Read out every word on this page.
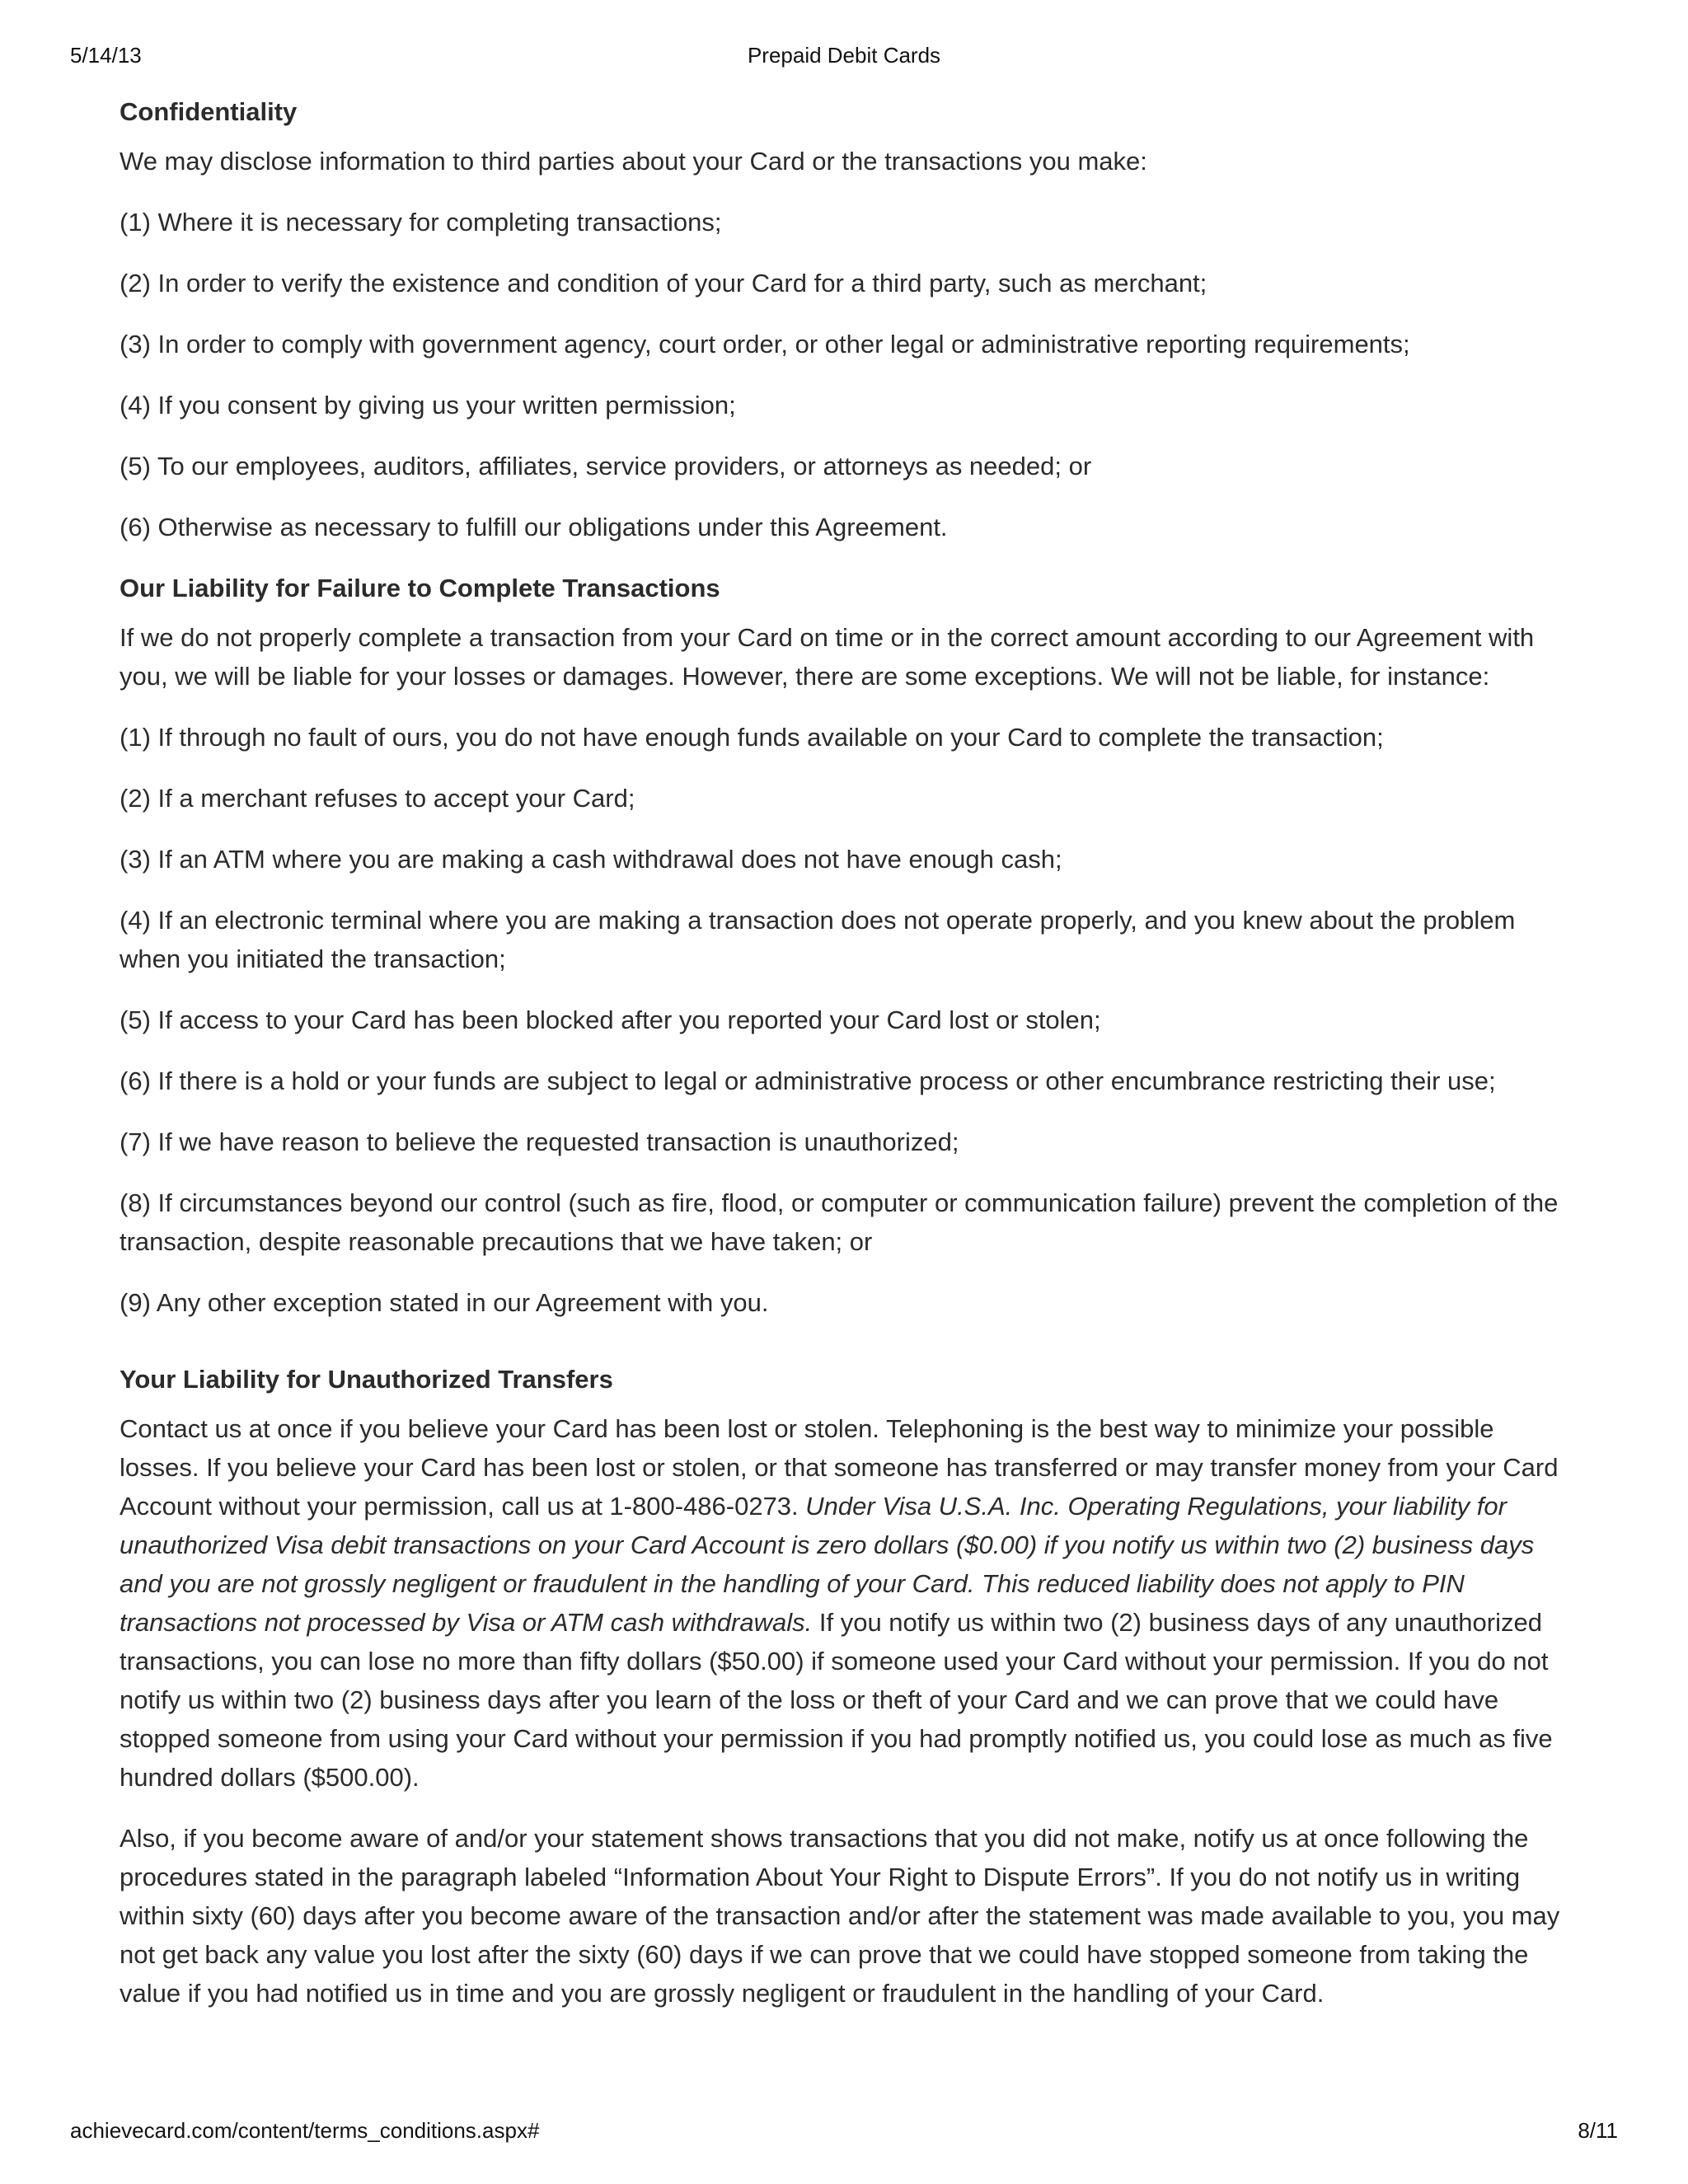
5/14/13	Prepaid Debit Cards
Confidentiality

We may disclose information to third parties about your Card or the transactions you make:

(1) Where it is necessary for completing transactions;
(2) In order to verify the existence and condition of your Card for a third party, such as merchant;
(3) In order to comply with government agency, court order, or other legal or administrative reporting requirements;
(4) If you consent by giving us your written permission;
(5) To our employees, auditors, affiliates, service providers, or attorneys as needed; or
(6) Otherwise as necessary to fulfill our obligations under this Agreement.
Our Liability for Failure to Complete Transactions

If we do not properly complete a transaction from your Card on time or in the correct amount according to our Agreement with you, we will be liable for your losses or damages. However, there are some exceptions. We will not be liable, for instance:

(1) If through no fault of ours, you do not have enough funds available on your Card to complete the transaction;
(2) If a merchant refuses to accept your Card;
(3) If an ATM where you are making a cash withdrawal does not have enough cash;
(4) If an electronic terminal where you are making a transaction does not operate properly, and you knew about the problem when you initiated the transaction;
(5) If access to your Card has been blocked after you reported your Card lost or stolen;
(6) If there is a hold or your funds are subject to legal or administrative process or other encumbrance restricting their use;
(7) If we have reason to believe the requested transaction is unauthorized;
(8) If circumstances beyond our control (such as fire, flood, or computer or communication failure) prevent the completion of the transaction, despite reasonable precautions that we have taken; or
(9) Any other exception stated in our Agreement with you.
Your Liability for Unauthorized Transfers

Contact us at once if you believe your Card has been lost or stolen. Telephoning is the best way to minimize your possible losses. If you believe your Card has been lost or stolen, or that someone has transferred or may transfer money from your Card Account without your permission, call us at 1-800-486-0273. Under Visa U.S.A. Inc. Operating Regulations, your liability for unauthorized Visa debit transactions on your Card Account is zero dollars ($0.00) if you notify us within two (2) business days and you are not grossly negligent or fraudulent in the handling of your Card. This reduced liability does not apply to PIN transactions not processed by Visa or ATM cash withdrawals. If you notify us within two (2) business days of any unauthorized transactions, you can lose no more than fifty dollars ($50.00) if someone used your Card without your permission. If you do not notify us within two (2) business days after you learn of the loss or theft of your Card and we can prove that we could have stopped someone from using your Card without your permission if you had promptly notified us, you could lose as much as five hundred dollars ($500.00).

Also, if you become aware of and/or your statement shows transactions that you did not make, notify us at once following the procedures stated in the paragraph labeled “Information About Your Right to Dispute Errors”. If you do not notify us in writing within sixty (60) days after you become aware of the transaction and/or after the statement was made available to you, you may not get back any value you lost after the sixty (60) days if we can prove that we could have stopped someone from taking the value if you had notified us in time and you are grossly negligent or fraudulent in the handling of your Card.

achievecard.com/content/terms_conditions.aspx#	8/11
